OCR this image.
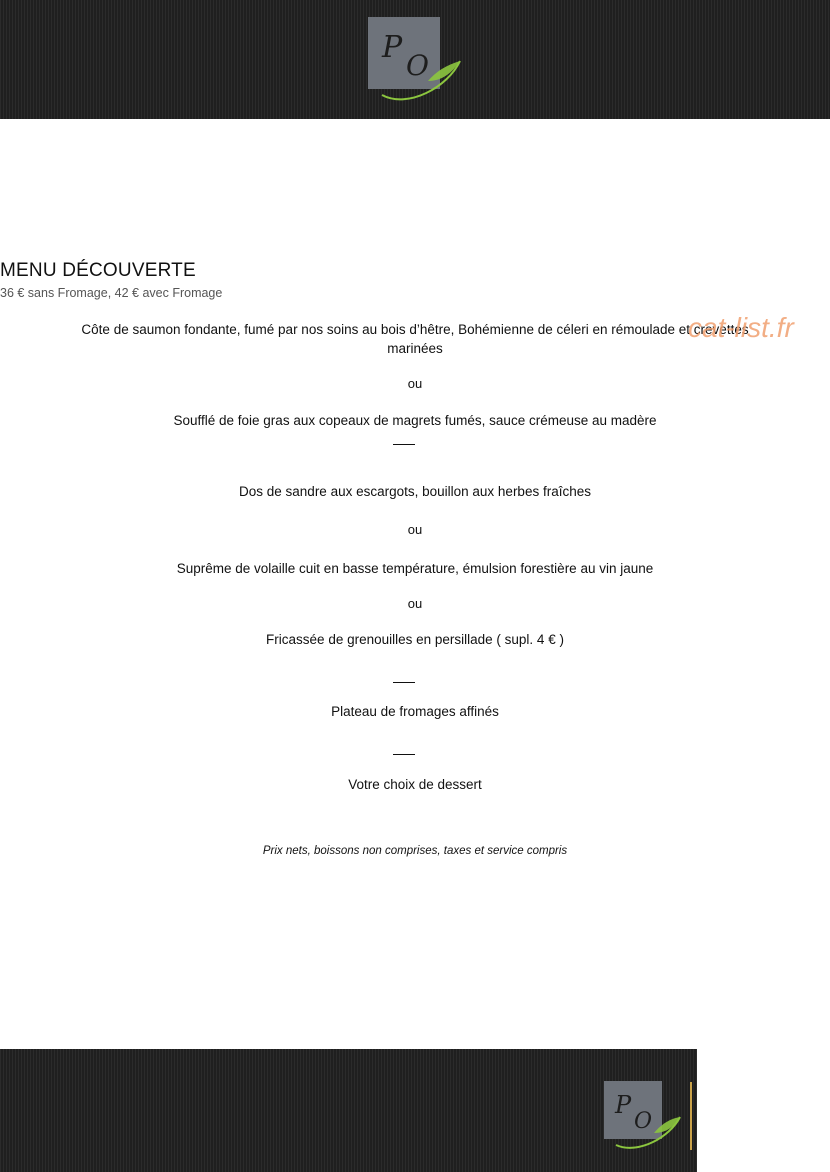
P
O
P
O
MENU DÉCOUVERTE
36 € sans Fromage, 42 € avec Fromage
Côte de saumon fondante, fumé par nos soins au bois d’hêtre, Bohémienne de céleri en rémoulade et crevettes marinées
ou
Soufflé de foie gras aux copeaux de magrets fumés, sauce crémeuse au madère
Dos de sandre aux escargots, bouillon aux herbes fraîches
ou
Suprême de volaille cuit en basse température, émulsion forestière au vin jaune
ou
Fricassée de grenouilles en persillade ( supl. 4 € )
Plateau de fromages affinés
Votre choix de dessert
Prix nets, boissons non comprises, taxes et service compris
cat-list.fr
